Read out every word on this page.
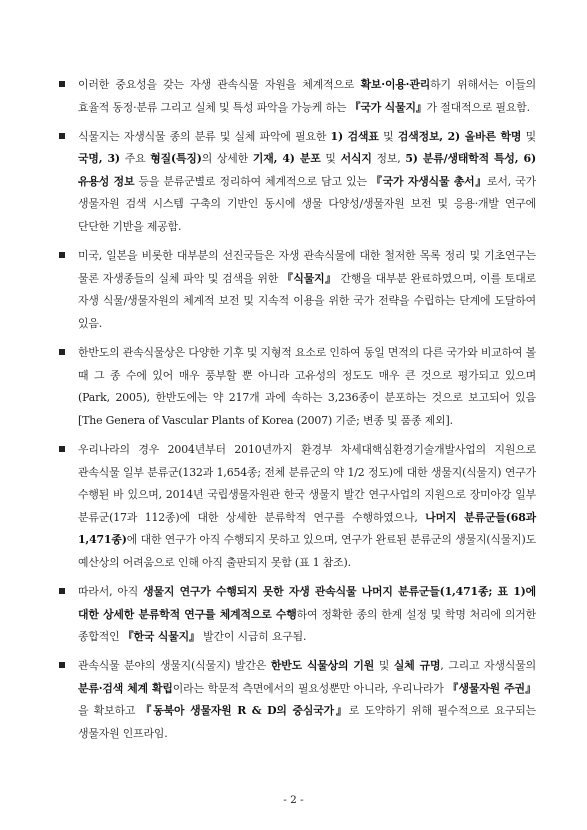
이러한 중요성을 갖는 자생 관속식물 자원을 체계적으로 확보·이용·관리하기 위해서는 이들의 효율적 동정·분류 그리고 실체 및 특성 파악을 가능케 하는 『국가 식물지』가 절대적으로 필요함.
식물지는 자생식물 종의 분류 및 실체 파악에 필요한 1) 검색표 및 검색정보, 2) 올바른 학명 및 국명, 3) 주요 형질(특징)의 상세한 기재, 4) 분포 및 서식지 정보, 5) 분류/생태학적 특성, 6) 유용성 정보 등을 분류군별로 정리하여 체계적으로 담고 있는 『국가 자생식물 총서』로서, 국가 생물자원 검색 시스템 구축의 기반인 동시에 생물 다양성/생물자원 보전 및 응용·개발 연구에 단단한 기반을 제공함.
미국, 일본을 비롯한 대부분의 선진국들은 자생 관속식물에 대한 철저한 목록 정리 및 기초연구는 물론 자생종들의 실체 파악 및 검색을 위한 『식물지』 간행을 대부분 완료하였으며, 이를 토대로 자생 식물/생물자원의 체계적 보전 및 지속적 이용을 위한 국가 전략을 수립하는 단계에 도달하여 있음.
한반도의 관속식물상은 다양한 기후 및 지형적 요소로 인하여 동일 면적의 다른 국가와 비교하여 볼 때 그 종 수에 있어 매우 풍부할 뿐 아니라 고유성의 정도도 매우 큰 것으로 평가되고 있으며 (Park, 2005), 한반도에는 약 217개 과에 속하는 3,236종이 분포하는 것으로 보고되어 있음 [The Genera of Vascular Plants of Korea (2007) 기준; 변종 및 품종 제외].
우리나라의 경우 2004년부터 2010년까지 환경부 차세대핵심환경기술개발사업의 지원으로 관속식물 일부 분류군(132과 1,654종; 전체 분류군의 약 1/2 정도)에 대한 생물지(식물지) 연구가 수행된 바 있으며, 2014년 국립생물자원관 한국 생물지 발간 연구사업의 지원으로 장미아강 일부 분류군(17과 112종)에 대한 상세한 분류학적 연구를 수행하였으나, 나머지 분류군들(68과 1,471종)에 대한 연구가 아직 수행되지 못하고 있으며, 연구가 완료된 분류군의 생물지(식물지)도 예산상의 어려움으로 인해 아직 출판되지 못함 (표 1 참조).
따라서, 아직 생물지 연구가 수행되지 못한 자생 관속식물 나머지 분류군들(1,471종; 표 1)에 대한 상세한 분류학적 연구를 체계적으로 수행하여 정확한 종의 한계 설정 및 학명 처리에 의거한 종합적인 『한국 식물지』 발간이 시급히 요구됨.
관속식물 분야의 생물지(식물지) 발간은 한반도 식물상의 기원 및 실체 규명, 그리고 자생식물의 분류·검색 체계 확립이라는 학문적 측면에서의 필요성뿐만 아니라, 우리나라가 『생물자원 주권』을 확보하고 『동북아 생물자원 R & D의 중심국가』로 도약하기 위해 필수적으로 요구되는 생물자원 인프라임.
- 2 -
